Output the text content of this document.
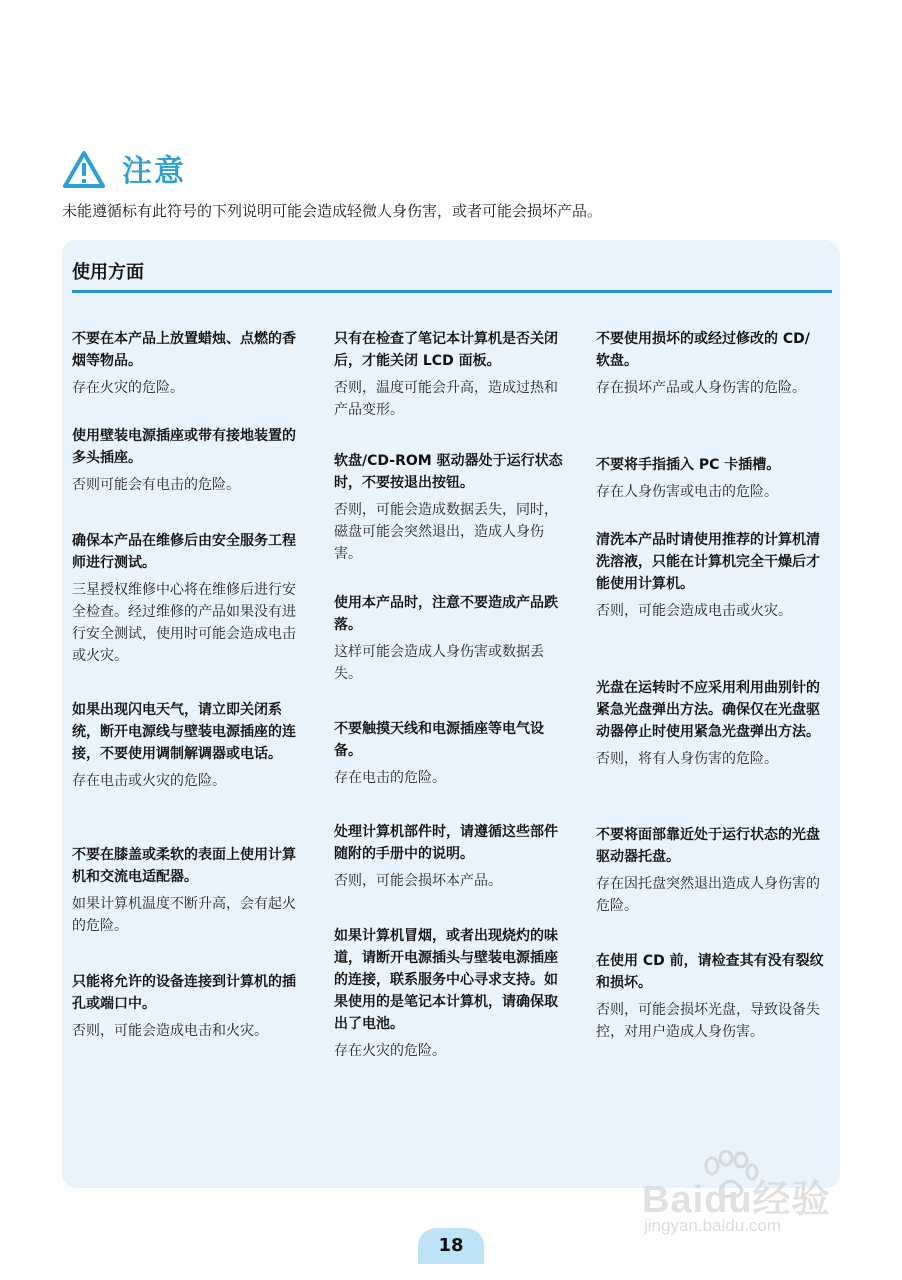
注意
未能遵循标有此符号的下列说明可能会造成轻微人身伤害，或者可能会损坏产品。
使用方面
不要在本产品上放置蜡烛、点燃的香烟等物品。
存在火灾的危险。
使用壁装电源插座或带有接地装置的多头插座。
否则可能会有电击的危险。
确保本产品在维修后由安全服务工程师进行测试。
三星授权维修中心将在维修后进行安全检查。经过维修的产品如果没有进行安全测试，使用时可能会造成电击或火灾。
如果出现闪电天气，请立即关闭系统，断开电源线与壁装电源插座的连接，不要使用调制解调器或电话。
存在电击或火灾的危险。
不要在膝盖或柔软的表面上使用计算机和交流电适配器。
如果计算机温度不断升高，会有起火的危险。
只能将允许的设备连接到计算机的插孔或端口中。
否则，可能会造成电击和火灾。
只有在检查了笔记本计算机是否关闭后，才能关闭 LCD 面板。
否则，温度可能会升高，造成过热和产品变形。
软盘/CD-ROM 驱动器处于运行状态时，不要按退出按钮。
否则，可能会造成数据丢失，同时，磁盘可能会突然退出，造成人身伤害。
使用本产品时，注意不要造成产品跌落。
这样可能会造成人身伤害或数据丢失。
不要触摸天线和电源插座等电气设备。
存在电击的危险。
处理计算机部件时，请遵循这些部件随附的手册中的说明。
否则，可能会损坏本产品。
如果计算机冒烟，或者出现烧灼的味道，请断开电源插头与壁装电源插座的连接，联系服务中心寻求支持。如果使用的是笔记本计算机，请确保取出了电池。
存在火灾的危险。
不要使用损坏的或经过修改的 CD/ 软盘。
存在损坏产品或人身伤害的危险。
不要将手指插入 PC 卡插槽。
存在人身伤害或电击的危险。
清洗本产品时请使用推荐的计算机清洗溶液，只能在计算机完全干燥后才能使用计算机。
否则，可能会造成电击或火灾。
光盘在运转时不应采用利用曲别针的紧急光盘弹出方法。确保仅在光盘驱动器停止时使用紧急光盘弹出方法。
否则，将有人身伤害的危险。
不要将面部靠近处于运行状态的光盘驱动器托盘。
存在因托盘突然退出造成人身伤害的危险。
在使用 CD 前，请检查其有没有裂纹和损坏。
否则，可能会损坏光盘，导致设备失控，对用户造成人身伤害。
Baidu经验
jingyan.baidu.com
18
